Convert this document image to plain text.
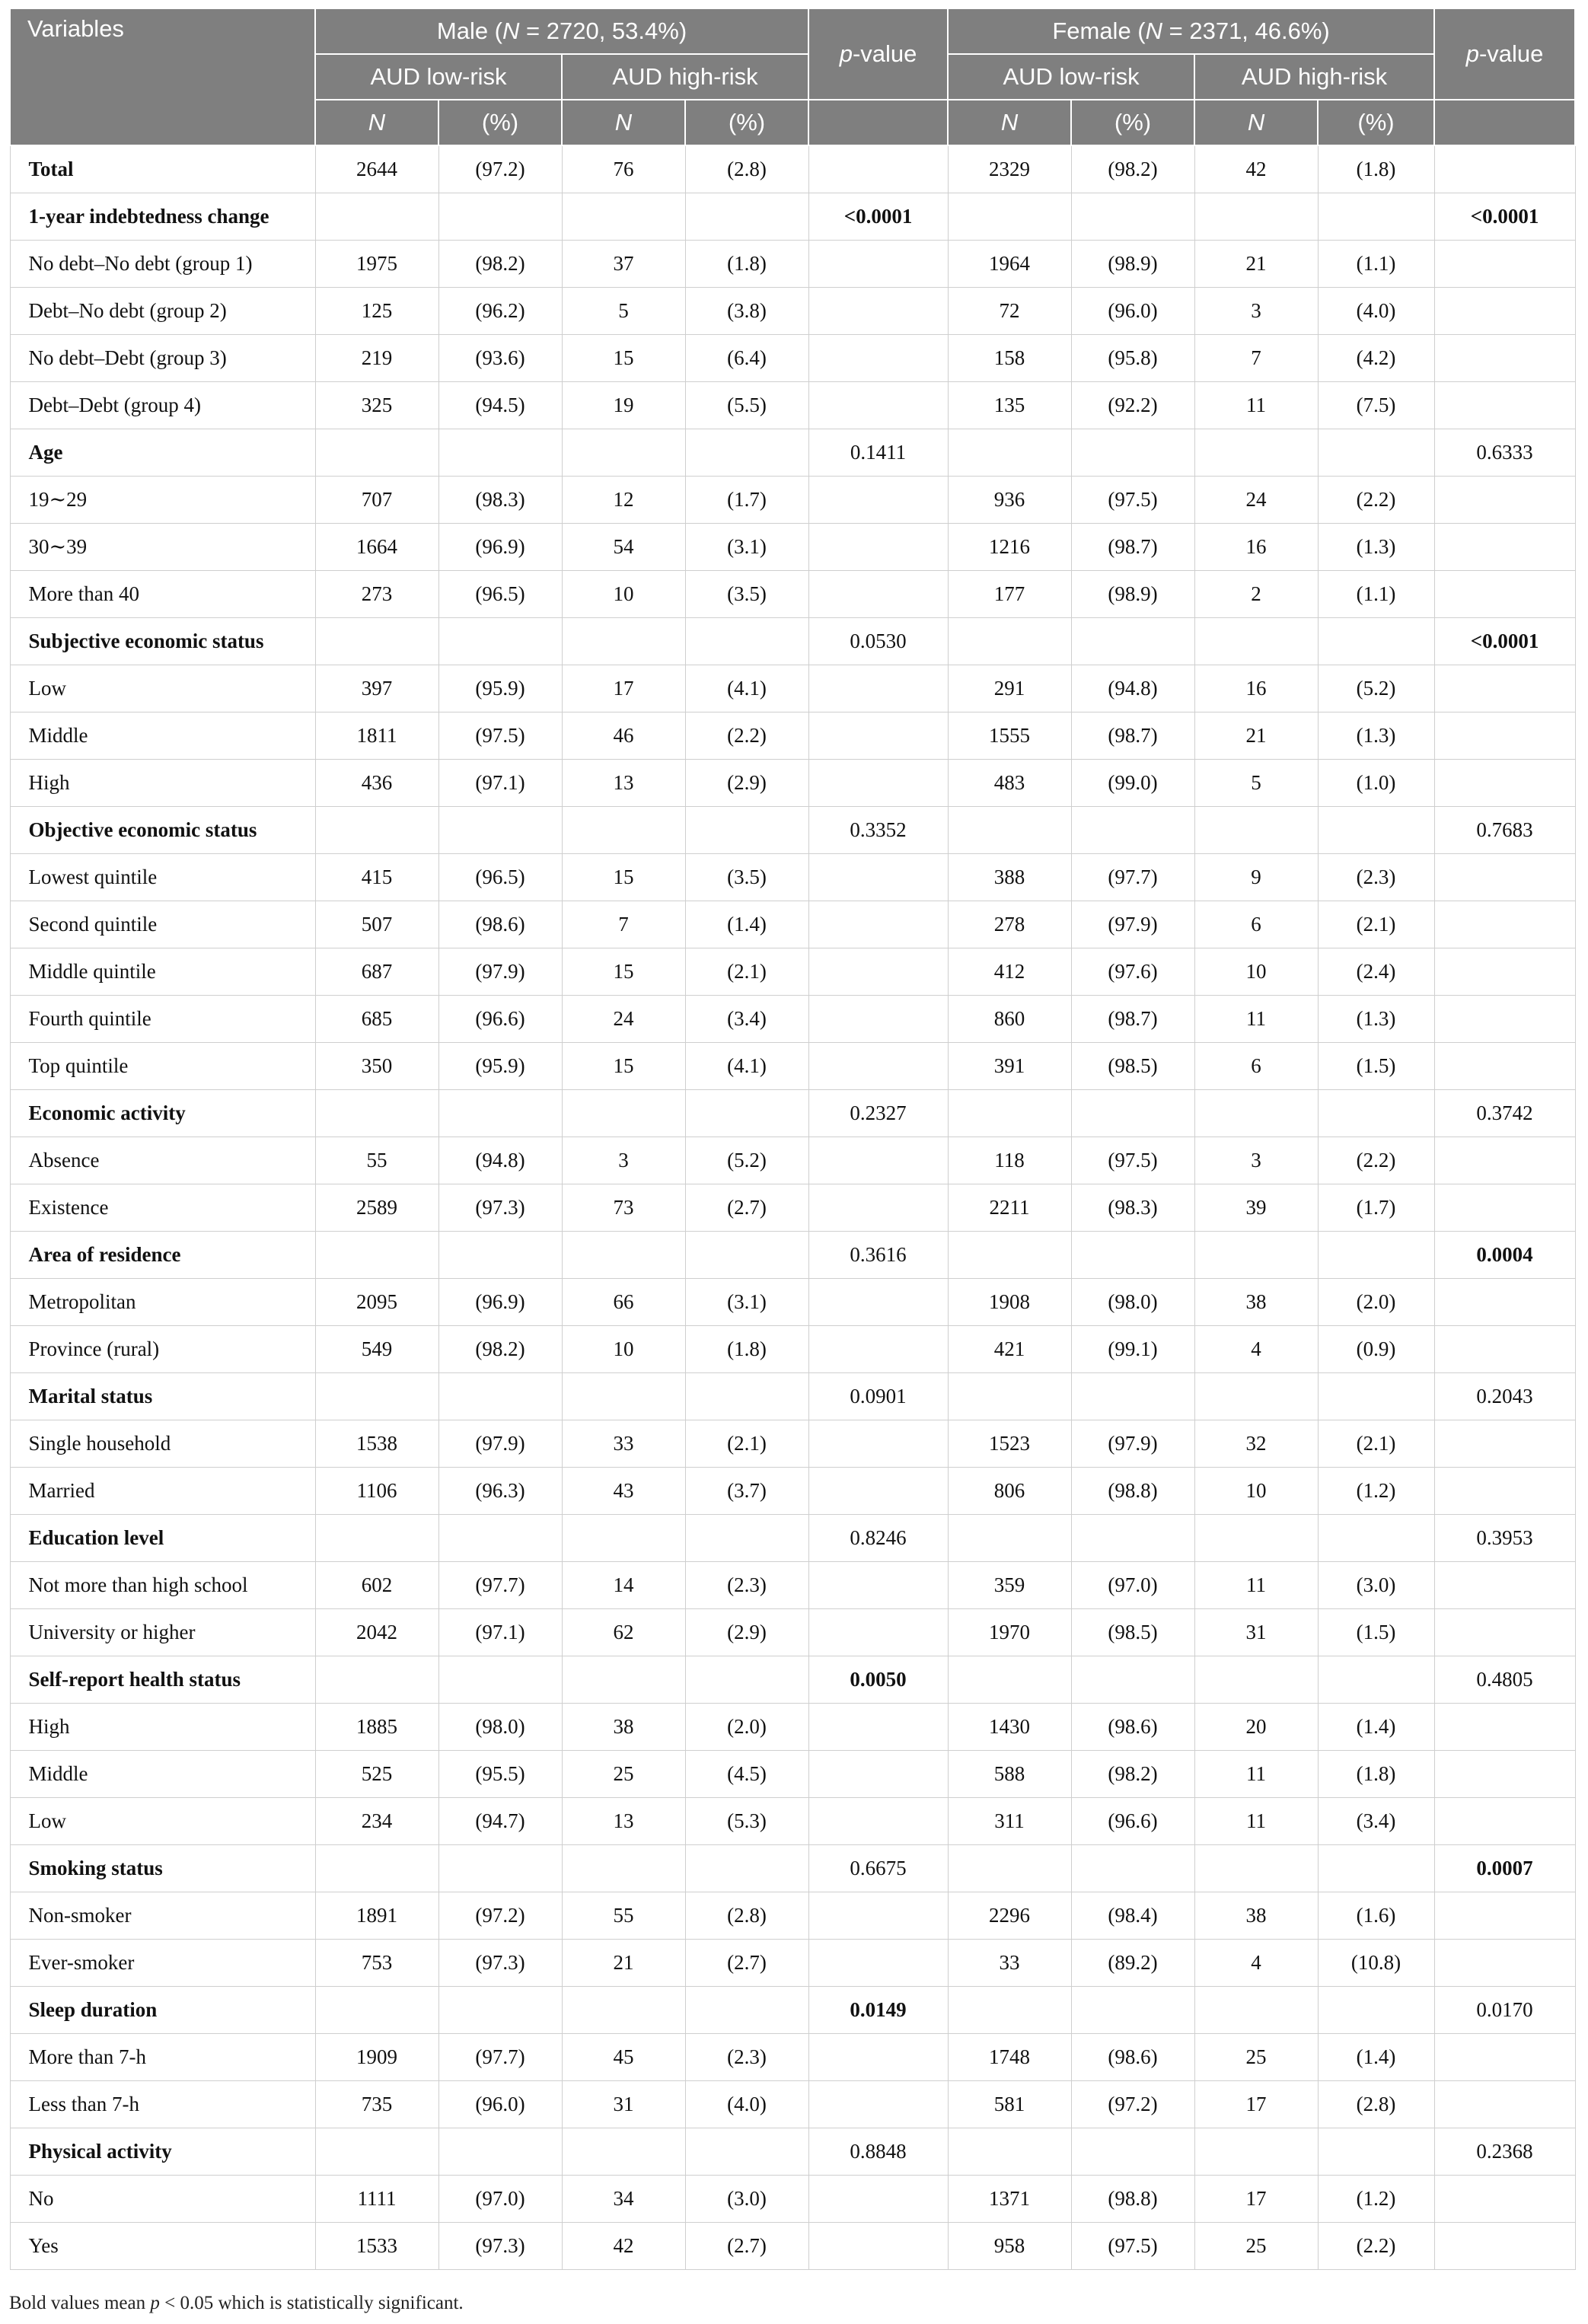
Variables	Male (N = 2720, 53.4%)				p-value	Female (N = 2371, 46.6%)				p-value
	AUD low-risk		AUD high-risk			AUD low-risk		AUD high-risk		
	N	(%)	N	(%)		N	(%)	N	(%)	
Total	2644	(97.2)	76	(2.8)		2329	(98.2)	42	(1.8)	
1-year indebtedness change					<0.0001					<0.0001
No debt–No debt (group 1)	1975	(98.2)	37	(1.8)		1964	(98.9)	21	(1.1)	
Debt–No debt (group 2)	125	(96.2)	5	(3.8)		72	(96.0)	3	(4.0)	
No debt–Debt (group 3)	219	(93.6)	15	(6.4)		158	(95.8)	7	(4.2)	
Debt–Debt (group 4)	325	(94.5)	19	(5.5)		135	(92.2)	11	(7.5)	
Age					0.1411					0.6333
19∼29	707	(98.3)	12	(1.7)		936	(97.5)	24	(2.2)	
30∼39	1664	(96.9)	54	(3.1)		1216	(98.7)	16	(1.3)	
More than 40	273	(96.5)	10	(3.5)		177	(98.9)	2	(1.1)	
Subjective economic status					0.0530					<0.0001
Low	397	(95.9)	17	(4.1)		291	(94.8)	16	(5.2)	
Middle	1811	(97.5)	46	(2.2)		1555	(98.7)	21	(1.3)	
High	436	(97.1)	13	(2.9)		483	(99.0)	5	(1.0)	
Objective economic status					0.3352					0.7683
Lowest quintile	415	(96.5)	15	(3.5)		388	(97.7)	9	(2.3)	
Second quintile	507	(98.6)	7	(1.4)		278	(97.9)	6	(2.1)	
Middle quintile	687	(97.9)	15	(2.1)		412	(97.6)	10	(2.4)	
Fourth quintile	685	(96.6)	24	(3.4)		860	(98.7)	11	(1.3)	
Top quintile	350	(95.9)	15	(4.1)		391	(98.5)	6	(1.5)	
Economic activity					0.2327					0.3742
Absence	55	(94.8)	3	(5.2)		118	(97.5)	3	(2.2)	
Existence	2589	(97.3)	73	(2.7)		2211	(98.3)	39	(1.7)	
Area of residence					0.3616					0.0004
Metropolitan	2095	(96.9)	66	(3.1)		1908	(98.0)	38	(2.0)	
Province (rural)	549	(98.2)	10	(1.8)		421	(99.1)	4	(0.9)	
Marital status					0.0901					0.2043
Single household	1538	(97.9)	33	(2.1)		1523	(97.9)	32	(2.1)	
Married	1106	(96.3)	43	(3.7)		806	(98.8)	10	(1.2)	
Education level					0.8246					0.3953
Not more than high school	602	(97.7)	14	(2.3)		359	(97.0)	11	(3.0)	
University or higher	2042	(97.1)	62	(2.9)		1970	(98.5)	31	(1.5)	
Self-report health status					0.0050					0.4805
High	1885	(98.0)	38	(2.0)		1430	(98.6)	20	(1.4)	
Middle	525	(95.5)	25	(4.5)		588	(98.2)	11	(1.8)	
Low	234	(94.7)	13	(5.3)		311	(96.6)	11	(3.4)	
Smoking status					0.6675					0.0007
Non-smoker	1891	(97.2)	55	(2.8)		2296	(98.4)	38	(1.6)	
Ever-smoker	753	(97.3)	21	(2.7)		33	(89.2)	4	(10.8)	
Sleep duration					0.0149					0.0170
More than 7-h	1909	(97.7)	45	(2.3)		1748	(98.6)	25	(1.4)	
Less than 7-h	735	(96.0)	31	(4.0)		581	(97.2)	17	(2.8)	
Physical activity					0.8848					0.2368
No	1111	(97.0)	34	(3.0)		1371	(98.8)	17	(1.2)	
Yes	1533	(97.3)	42	(2.7)		958	(97.5)	25	(2.2)	
Bold values mean p < 0.05 which is statistically significant.
